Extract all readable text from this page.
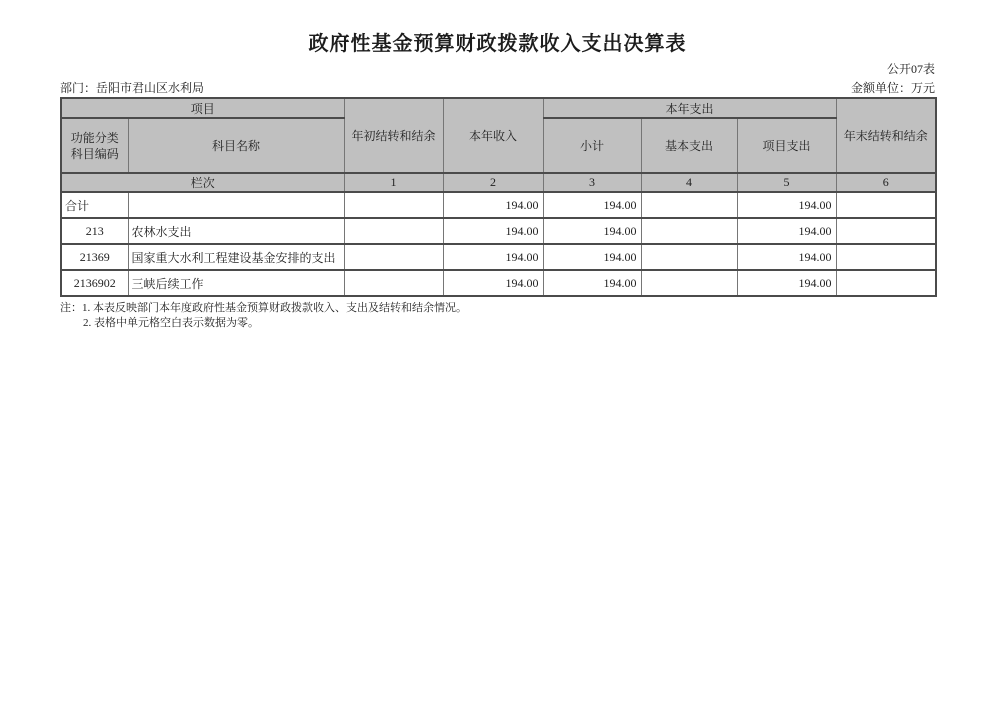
政府性基金预算财政拨款收入支出决算表
公开07表
部门：岳阳市君山区水利局	金额单位：万元
项目		年初结转和结余	本年收入	本年支出			年末结转和结余
功能分类科目编码	科目名称			小计	基本支出	项目支出	
栏次		1	2	3	4	5	6
合计			194.00	194.00		194.00	
213	农林水支出		194.00	194.00		194.00	
21369	国家重大水利工程建设基金安排的支出		194.00	194.00		194.00	
2136902	三峡后续工作		194.00	194.00		194.00	
注：1. 本表反映部门本年度政府性基金预算财政拨款收入、支出及结转和结余情况。
2. 表格中单元格空白表示数据为零。
